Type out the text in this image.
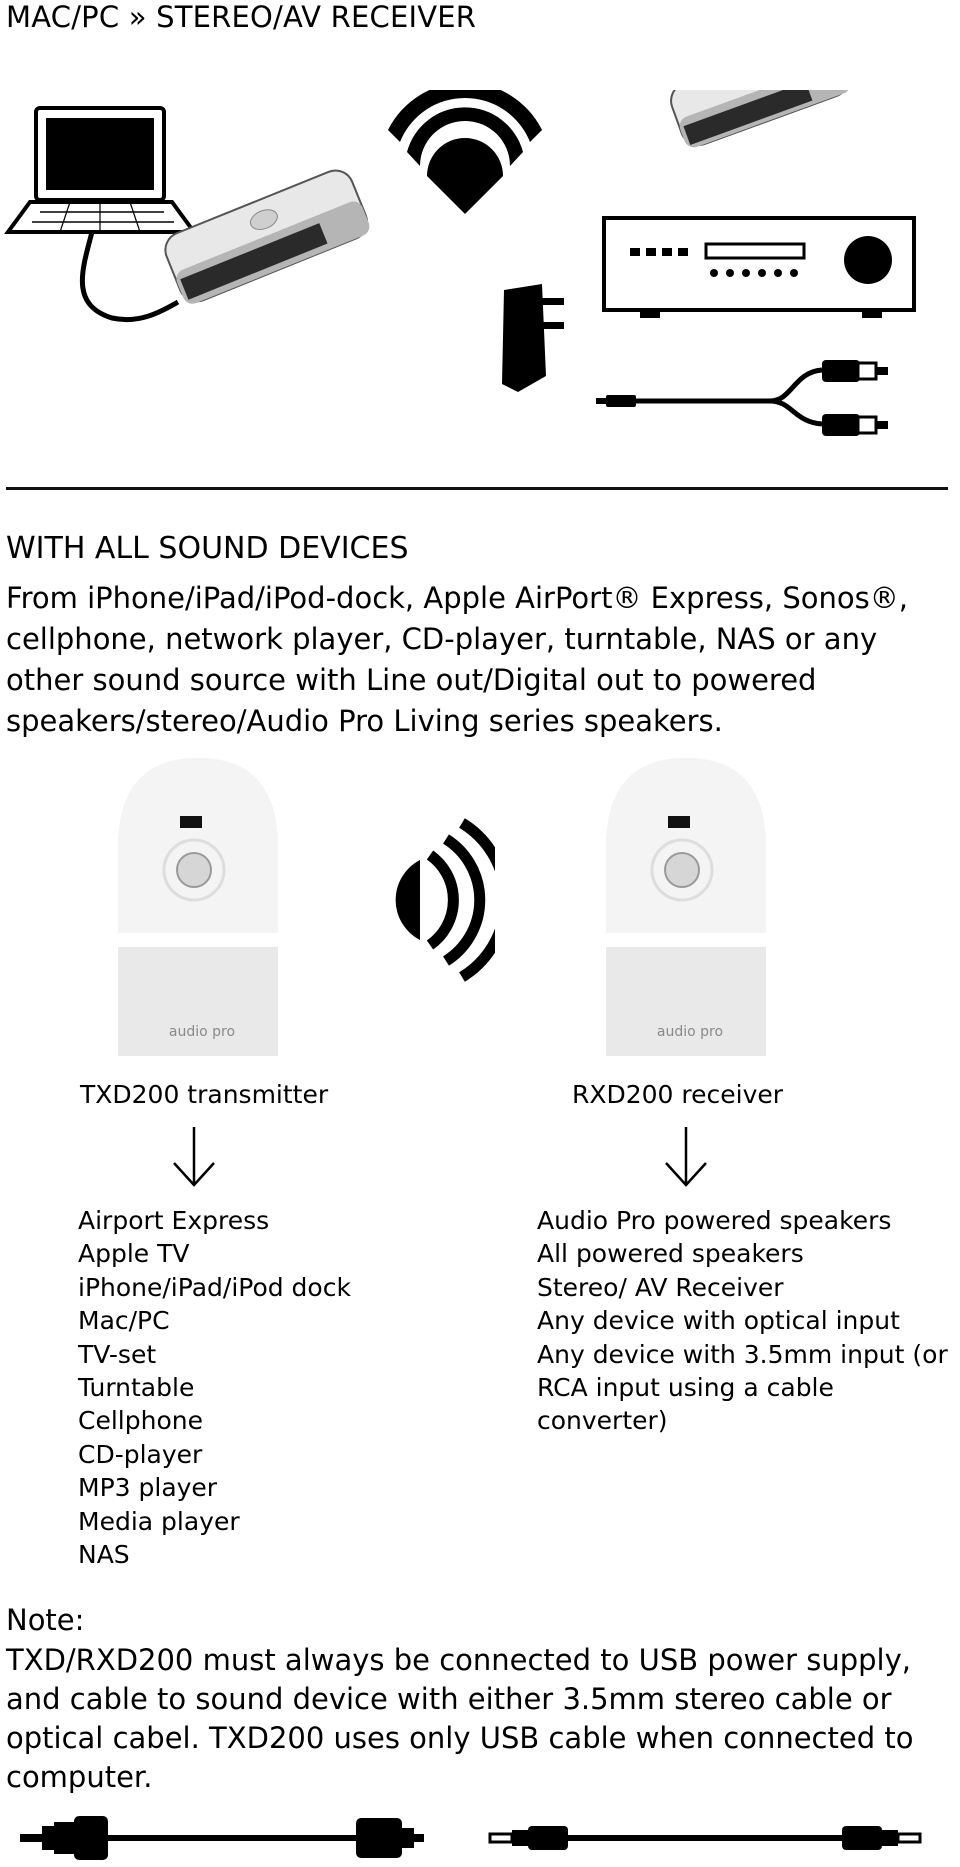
MAC/PC » STEREO/AV RECEIVER
WITH ALL SOUND DEVICES
From iPhone/iPad/iPod-dock, Apple AirPort® Express, Sonos®, cellphone, network player, CD-player, turntable, NAS or any other sound source with Line out/Digital out to powered speakers/stereo/Audio Pro Living series speakers.
audio pro	audio pro
TXD200 transmitter	RXD200 receiver
Airport Express
Apple TV
iPhone/iPad/iPod dock
Mac/PC
TV-set
Turntable
Cellphone
CD-player
MP3 player
Media player
NAS
Audio Pro powered speakers
All powered speakers
Stereo/ AV Receiver
Any device with optical input
Any device with 3.5mm input (or
RCA input using a cable converter)
Note:
TXD/RXD200 must always be connected to USB power supply, and cable to sound device with either 3.5mm stereo cable or optical cabel. TXD200 uses only USB cable when connected to computer.
